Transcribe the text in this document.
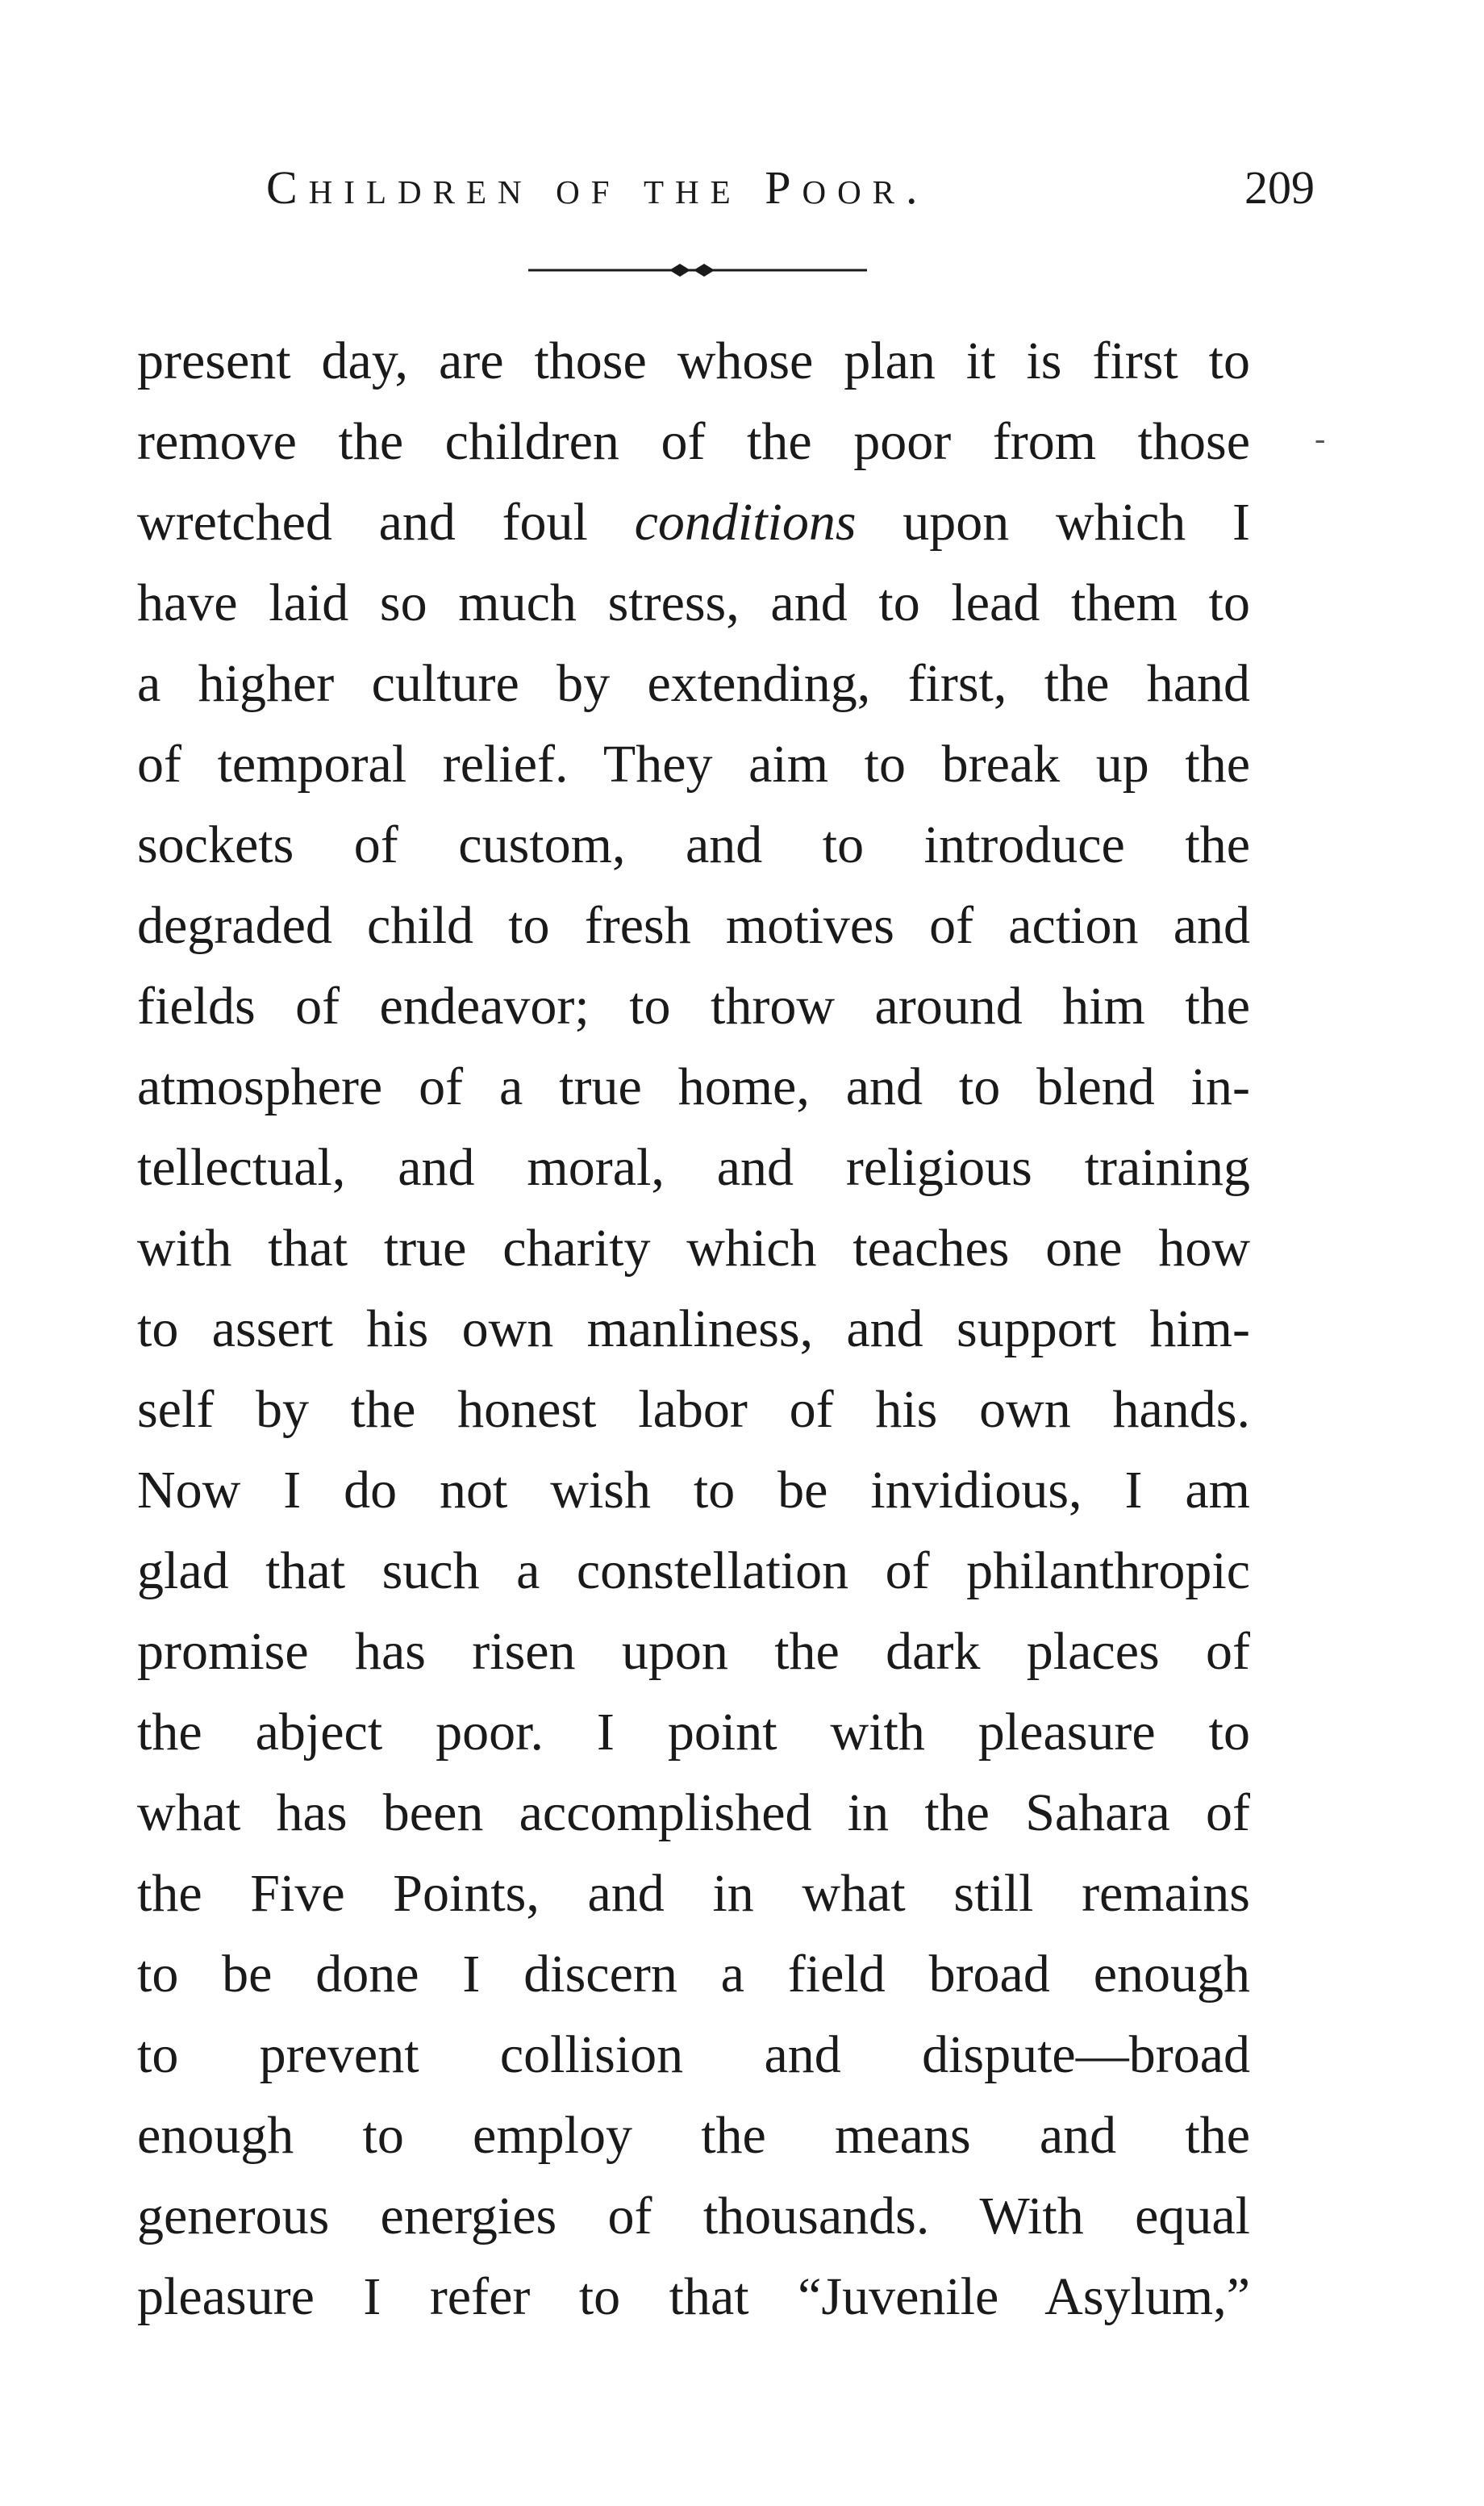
Children of the Poor.	209
-
present day, are those whose plan it is first to
remove the children of the poor from those
wretched and foul conditions upon which I
have laid so much stress, and to lead them to
a higher culture by extending, first, the hand
of temporal relief. They aim to break up the
sockets of custom, and to introduce the
degraded child to fresh motives of action and
fields of endeavor; to throw around him the
atmosphere of a true home, and to blend in-
tellectual, and moral, and religious training
with that true charity which teaches one how
to assert his own manliness, and support him-
self by the honest labor of his own hands.
Now I do not wish to be invidious, I am
glad that such a constellation of philanthropic
promise has risen upon the dark places of
the abject poor. I point with pleasure to
what has been accomplished in the Sahara of
the Five Points, and in what still remains
to be done I discern a field broad enough
to prevent collision and dispute—broad
enough to employ the means and the
generous energies of thousands. With equal
pleasure I refer to that “Juvenile Asylum,”
